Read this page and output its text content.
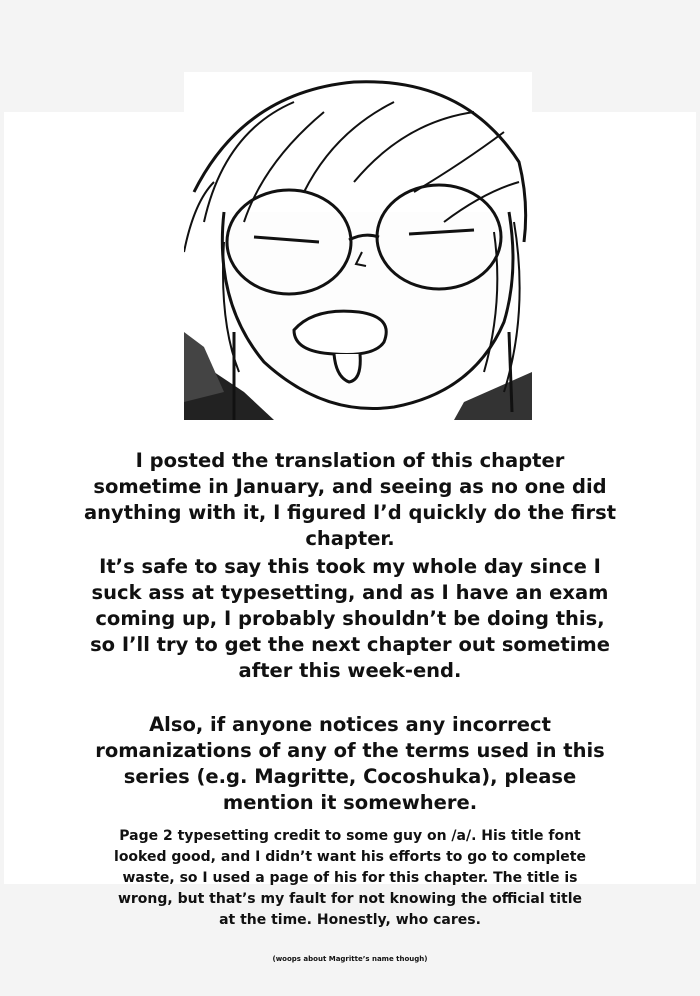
I posted the translation of this chapter sometime in January, and seeing as no one did anything with it, I figured I’d quickly do the first chapter.

It’s safe to say this took my whole day since I suck ass at typesetting, and as I have an exam coming up, I probably shouldn’t be doing this, so I’ll try to get the next chapter out sometime after this week-end.

Also, if anyone notices any incorrect romanizations of any of the terms used in this series (e.g. Magritte, Cocoshuka), please mention it somewhere.

Page 2 typesetting credit to some guy on /a/. His title font looked good, and I didn’t want his efforts to go to complete waste, so I used a page of his for this chapter. The title is wrong, but that’s my fault for not knowing the official title at the time. Honestly, who cares.

(woops about Magritte’s name though)
